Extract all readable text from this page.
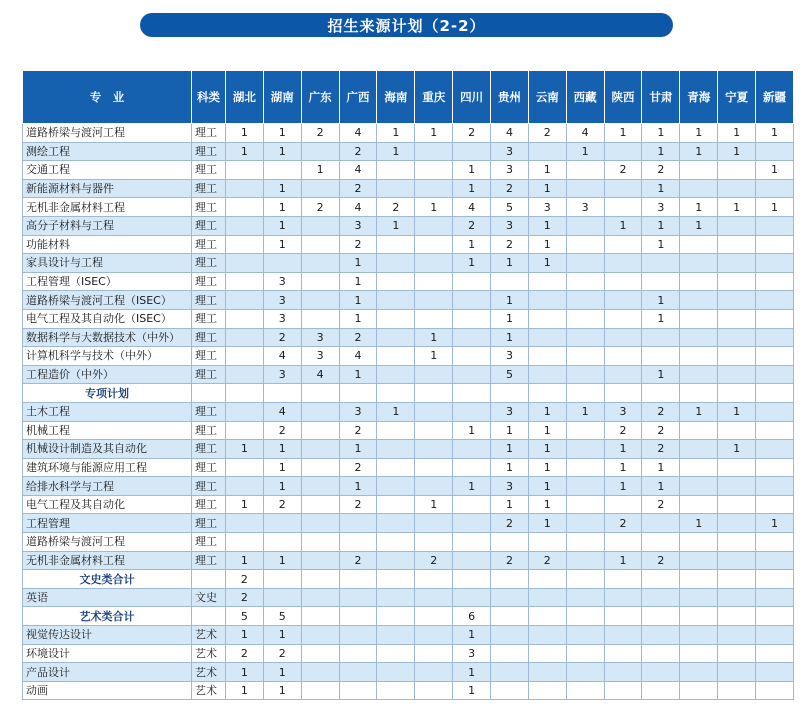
招生来源计划（2-2）
专　业	科类	湖北	湖南	广东	广西	海南	重庆	四川	贵州	云南	西藏	陕西	甘肃	青海	宁夏	新疆
道路桥梁与渡河工程	理工	1	1	2	4	1	1	2	4	2	4	1	1	1	1	1
测绘工程	理工	1	1		2	1			3		1		1	1	1	
交通工程	理工			1	4			1	3	1		2	2			1
新能源材料与器件	理工		1		2			1	2	1			1			
无机非金属材料工程	理工		1	2	4	2	1	4	5	3	3		3	1	1	1
高分子材料与工程	理工		1		3	1		2	3	1		1	1	1		
功能材料	理工		1		2			1	2	1			1			
家具设计与工程	理工				1			1	1	1						
工程管理（ISEC）	理工		3		1											
道路桥梁与渡河工程（ISEC）	理工		3		1				1				1			
电气工程及其自动化（ISEC）	理工		3		1				1				1			
数据科学与大数据技术（中外）	理工		2	3	2		1		1							
计算机科学与技术（中外）	理工		4	3	4		1		3							
工程造价（中外）	理工		3	4	1				5				1			
专项计划																
土木工程	理工		4		3	1			3	1	1	3	2	1	1	
机械工程	理工		2		2			1	1	1		2	2			
机械设计制造及其自动化	理工	1	1		1				1	1		1	2		1	
建筑环境与能源应用工程	理工		1		2				1	1		1	1			
给排水科学与工程	理工		1		1			1	3	1		1	1			
电气工程及其自动化	理工	1	2		2		1		1	1			2			
工程管理	理工								2	1		2		1		1
道路桥梁与渡河工程	理工															
无机非金属材料工程	理工	1	1		2		2		2	2		1	2			
文史类合计		2														
英语	文史	2														
艺术类合计		5	5					6								
视觉传达设计	艺术	1	1					1								
环境设计	艺术	2	2					3								
产品设计	艺术	1	1					1								
动画	艺术	1	1					1								
